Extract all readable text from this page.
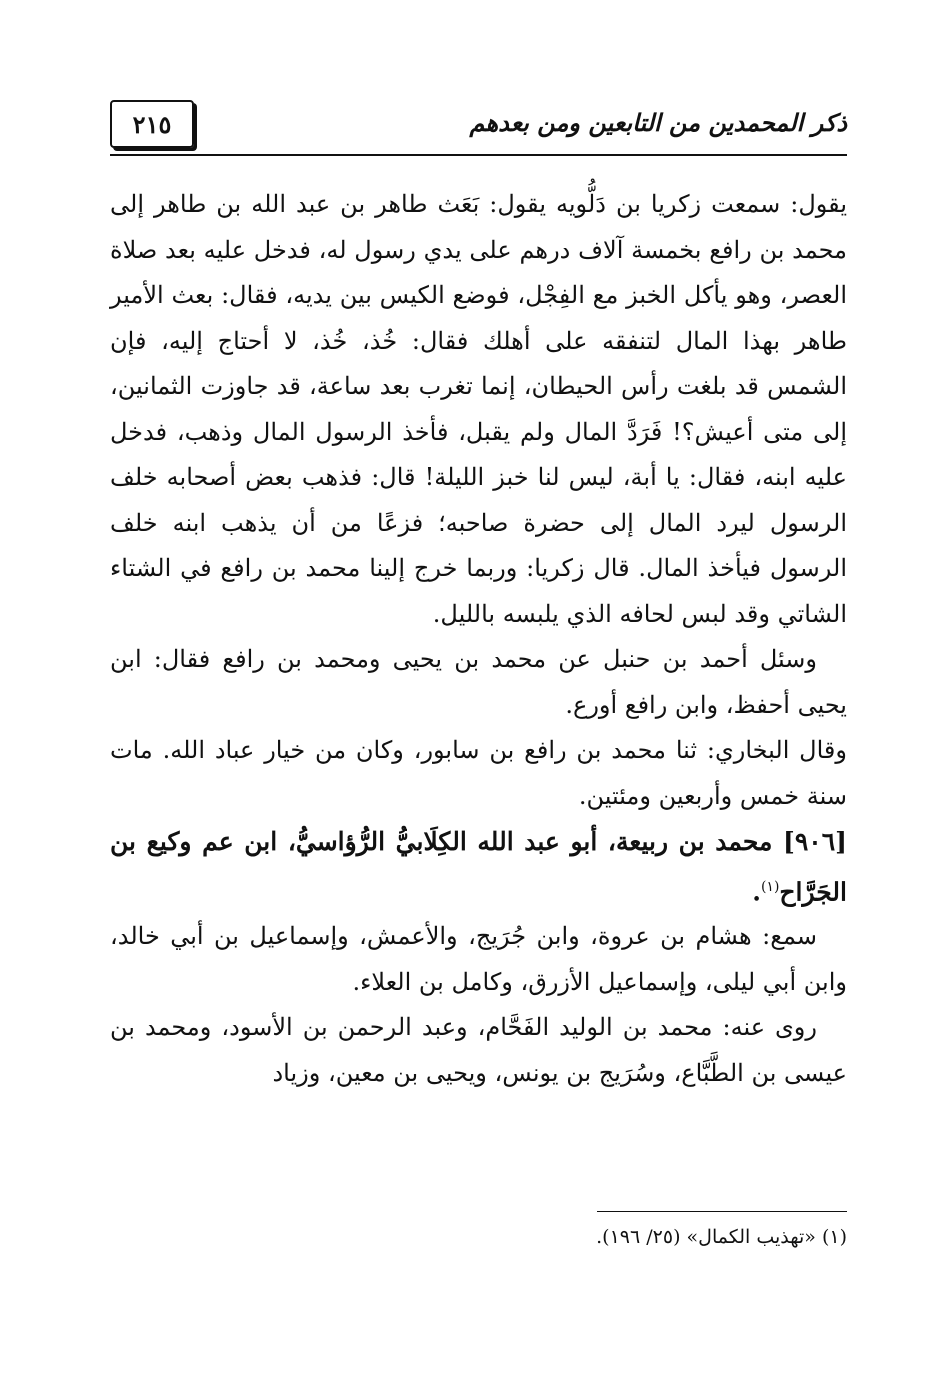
٢١٥	ذكر المحمدين من التابعين ومن بعدهم

يقول: سمعت زكريا بن دَلُّويه يقول: بَعَث طاهر بن عبد الله بن طاهر إلى محمد بن رافع بخمسة آلاف درهم على يدي رسول له، فدخل عليه بعد صلاة العصر، وهو يأكل الخبز مع الفِجْل، فوضع الكيس بين يديه، فقال: بعث الأمير طاهر بهذا المال لتنفقه على أهلك فقال: خُذ، خُذ، لا أحتاج إليه، فإن الشمس قد بلغت رأس الحيطان، إنما تغرب بعد ساعة، قد جاوزت الثمانين، إلى متى أعيش؟! فَرَدَّ المال ولم يقبل، فأخذ الرسول المال وذهب، فدخل عليه ابنه، فقال: يا أبة، ليس لنا خبز الليلة! قال: فذهب بعض أصحابه خلف الرسول ليرد المال إلى حضرة صاحبه؛ فزعًا من أن يذهب ابنه خلف الرسول فيأخذ المال. قال زكريا: وربما خرج إلينا محمد بن رافع في الشتاء الشاتي وقد لبس لحافه الذي يلبسه بالليل.

وسئل أحمد بن حنبل عن محمد بن يحيى ومحمد بن رافع فقال: ابن يحيى أحفظ، وابن رافع أورع.

وقال البخاري: ثنا محمد بن رافع بن سابور، وكان من خيار عباد الله. مات سنة خمس وأربعين ومئتين.

[٩٠٦] محمد بن ربيعة، أبو عبد الله الكِلَابيُّ الرُّؤاسيُّ، ابن عم وكيع بن الجَرَّاح$^{(١)}$.

سمع: هشام بن عروة، وابن جُرَيج، والأعمش، وإسماعيل بن أبي خالد، وابن أبي ليلى، وإسماعيل الأزرق، وكامل بن العلاء.

روى عنه: محمد بن الوليد الفَحَّام، وعبد الرحمن بن الأسود، ومحمد بن عيسى بن الطَّبَّاع، وسُرَيج بن يونس، ويحيى بن معين، وزياد

(١) «تهذيب الكمال» (٢٥/ ١٩٦).
